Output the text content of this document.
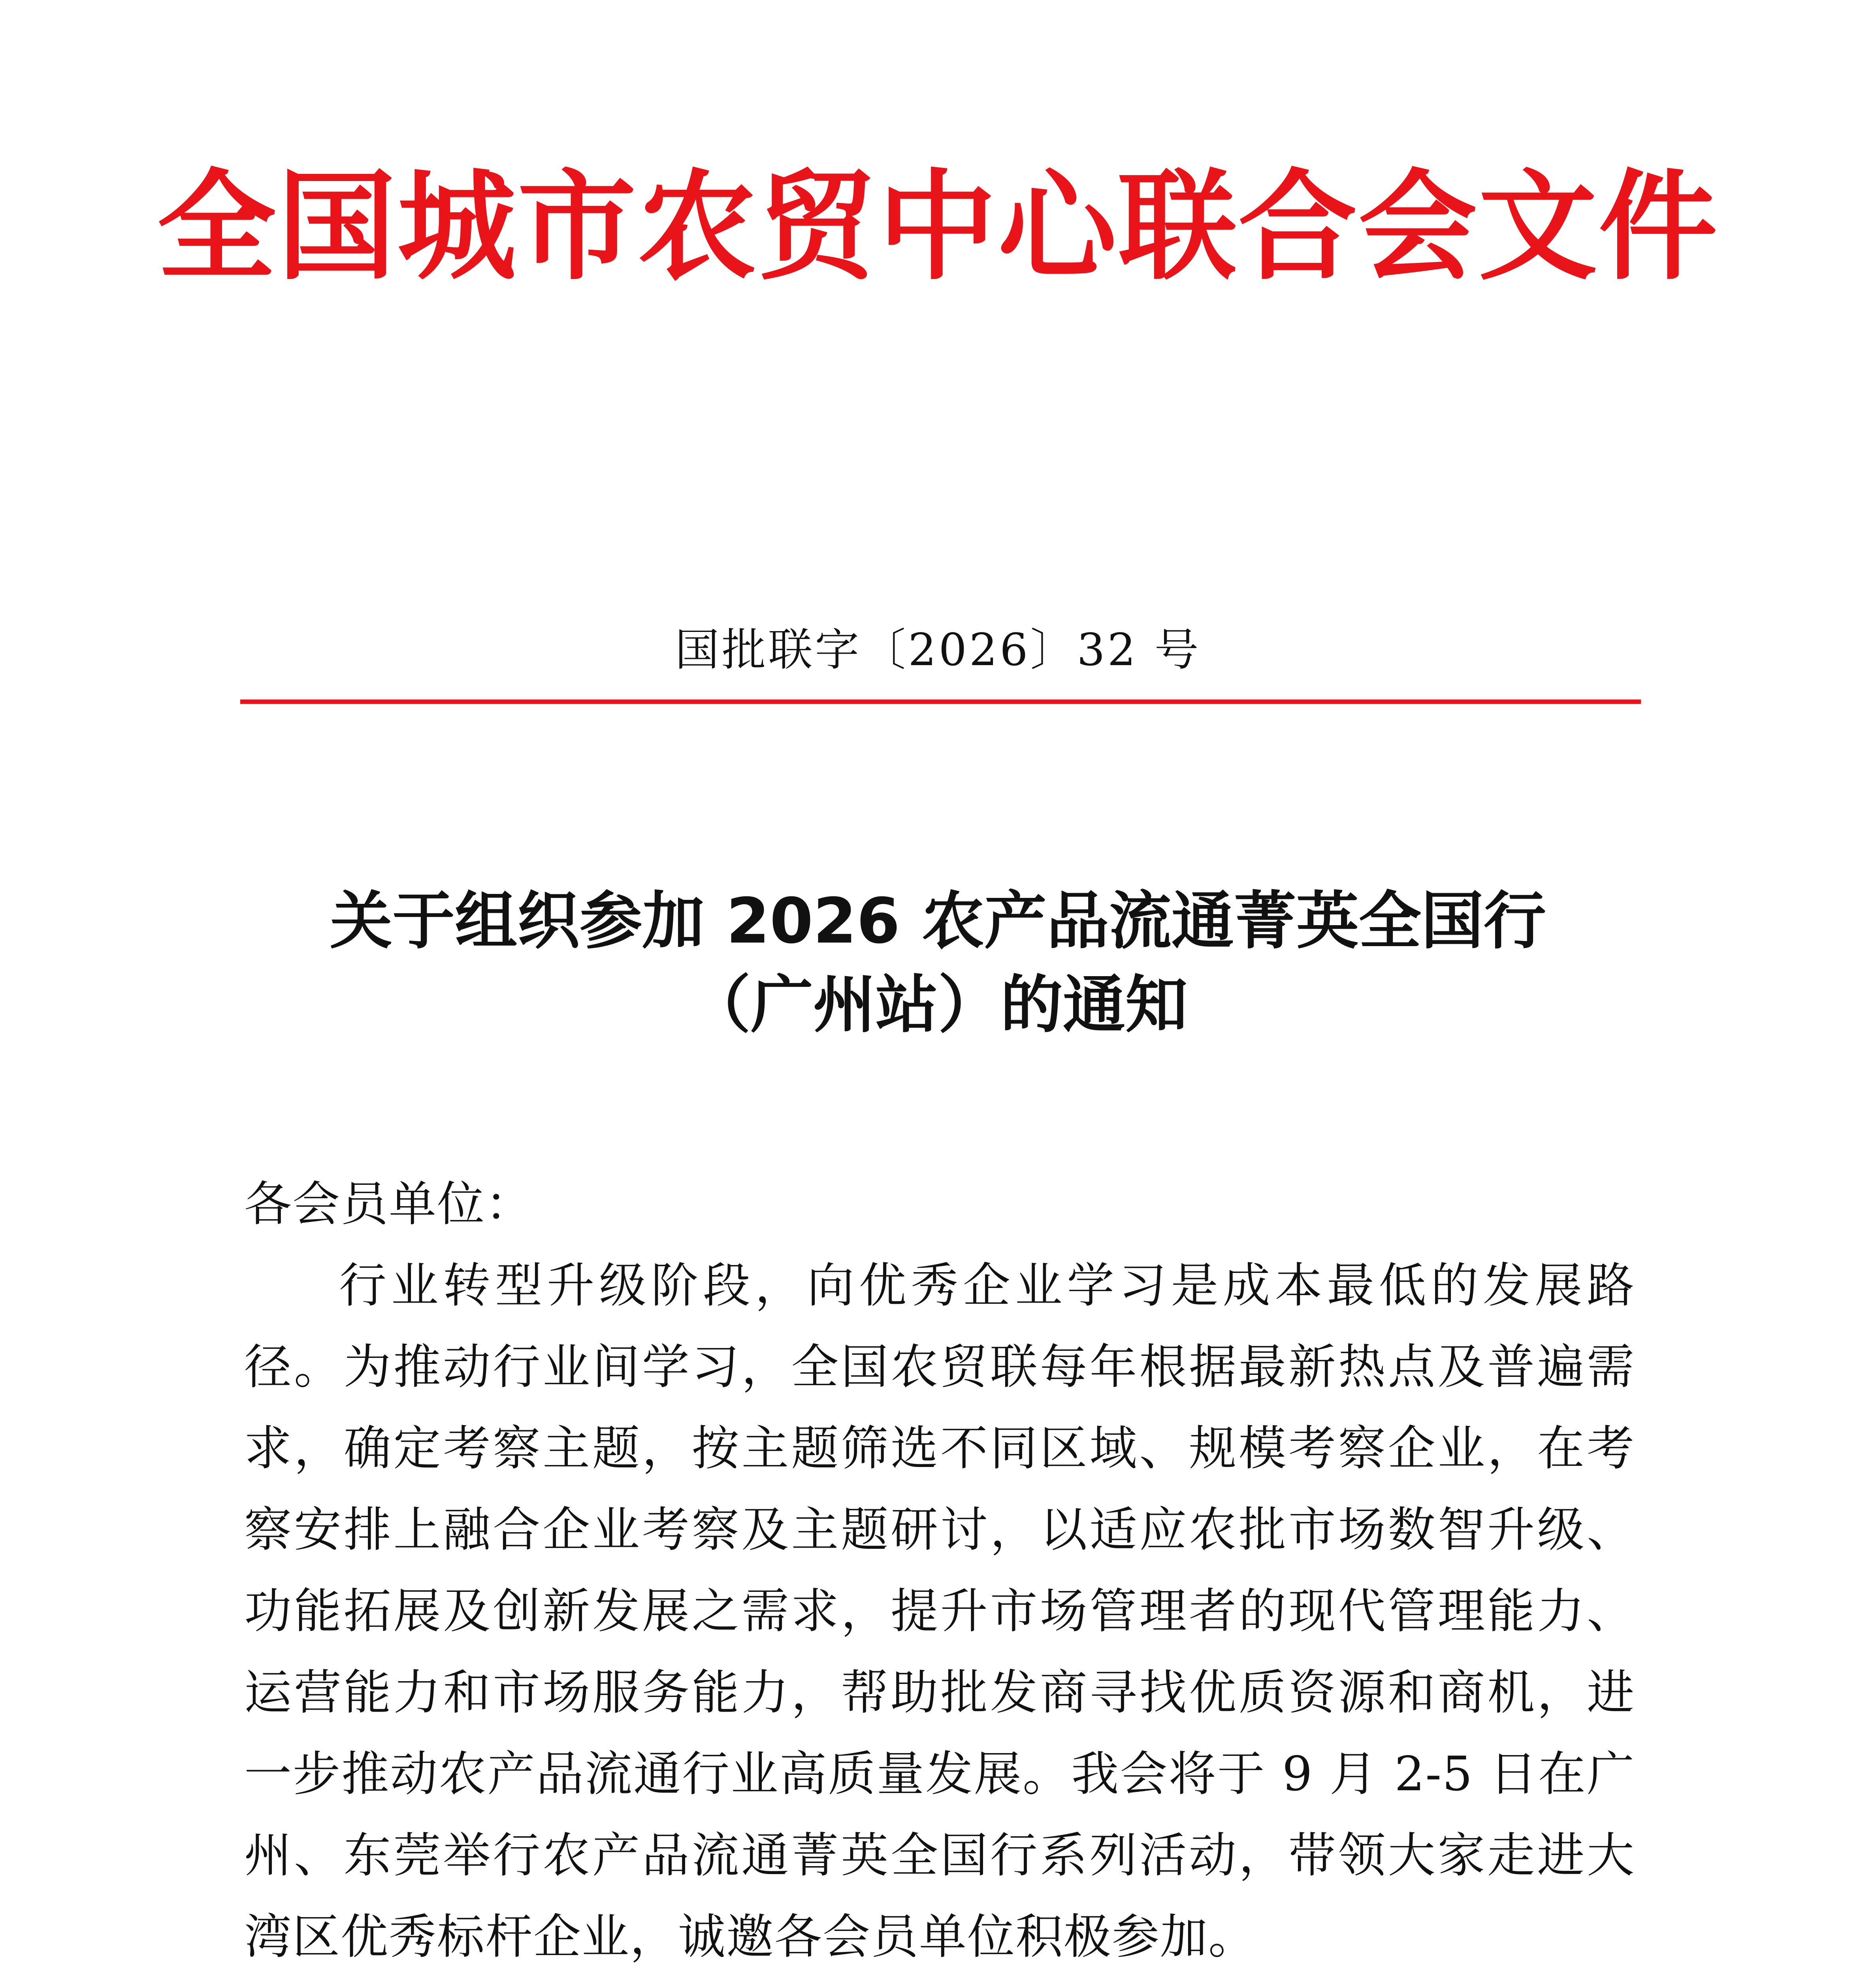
全国城市农贸中心联合会文件
国批联字〔2026〕32 号
关于组织参加 2026 农产品流通菁英全国行
（广州站）的通知

各会员单位：

行业转型升级阶段，向优秀企业学习是成本最低的发展路径。为推动行业间学习，全国农贸联每年根据最新热点及普遍需求，确定考察主题，按主题筛选不同区域、规模考察企业，在考察安排上融合企业考察及主题研讨，以适应农批市场数智升级、功能拓展及创新发展之需求，提升市场管理者的现代管理能力、运营能力和市场服务能力，帮助批发商寻找优质资源和商机，进一步推动农产品流通行业高质量发展。我会将于 9 月 2-5 日在广州、东莞举行农产品流通菁英全国行系列活动，带领大家走进大湾区优秀标杆企业，诚邀各会员单位积极参加。
